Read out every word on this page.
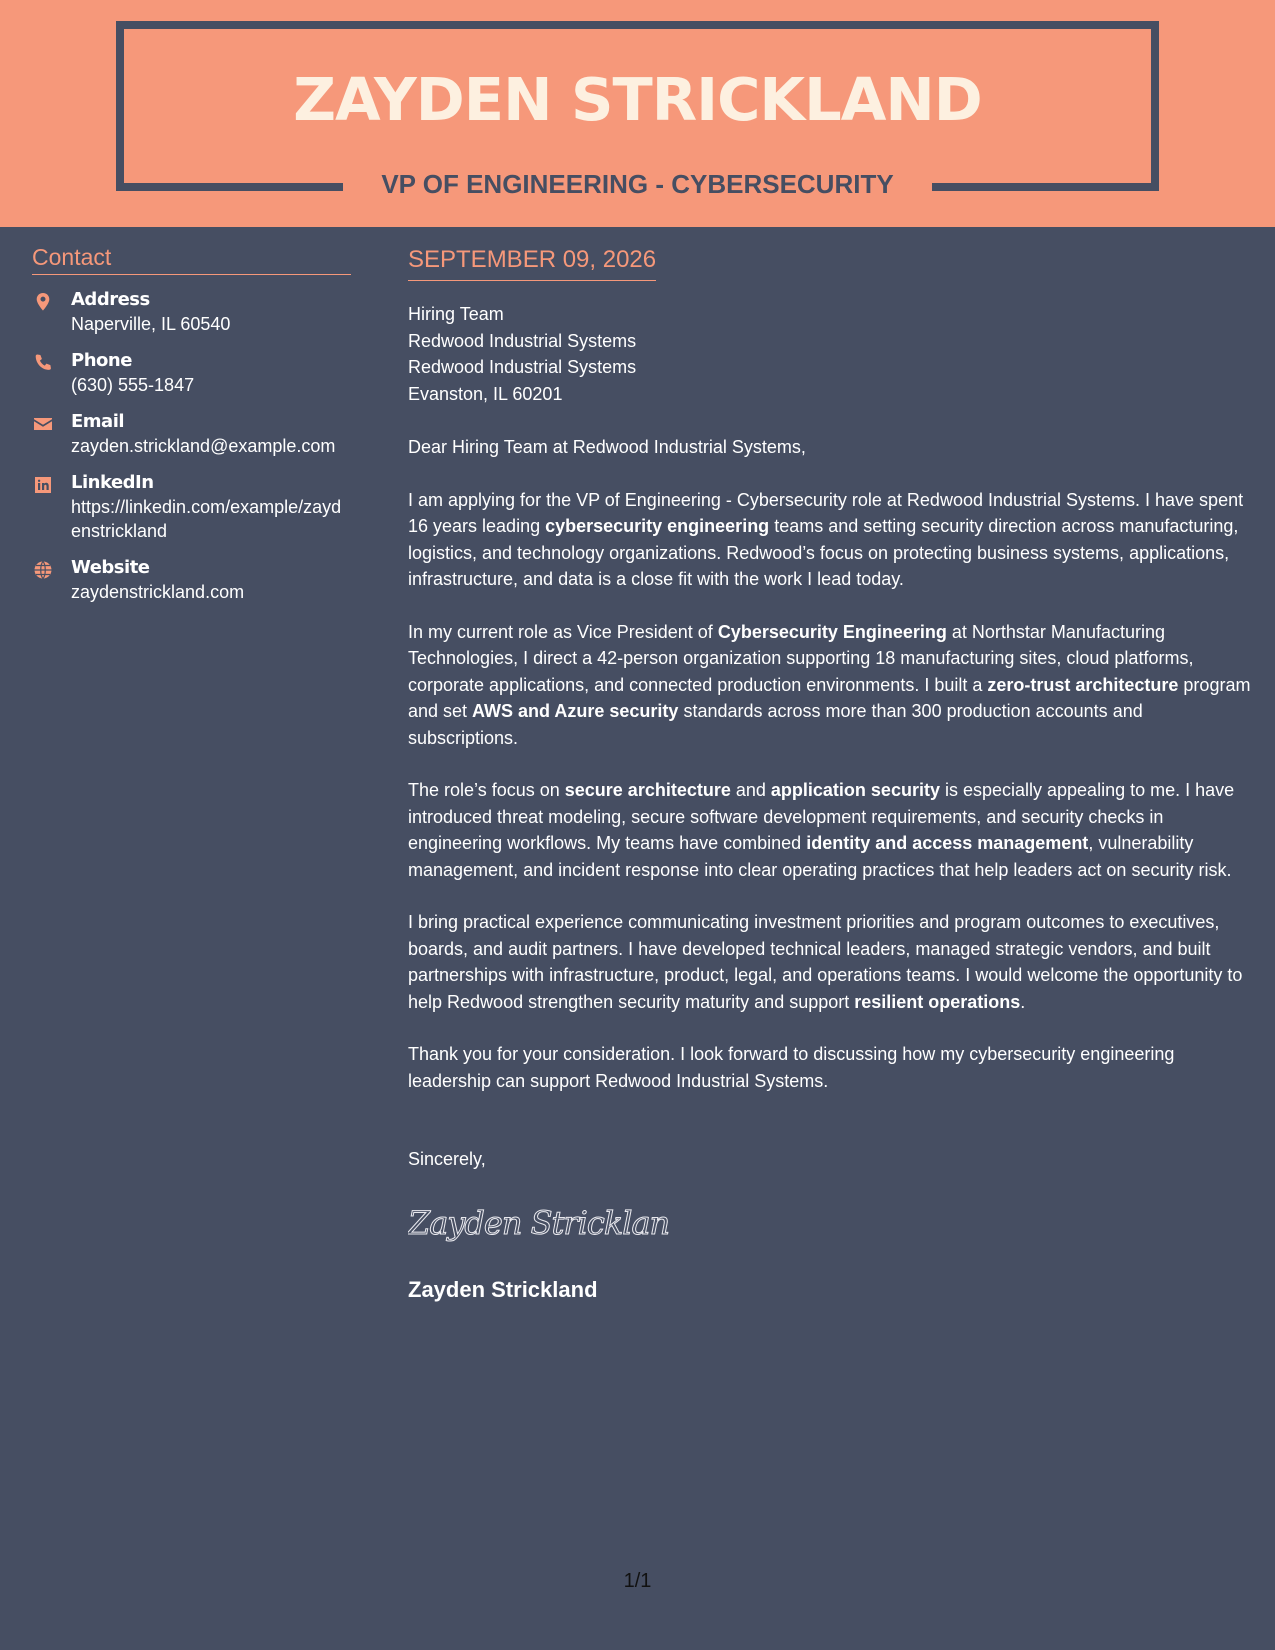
ZAYDEN STRICKLAND
VP OF ENGINEERING - CYBERSECURITY
Contact
Address
Naperville, IL 60540
Phone
(630) 555-1847
Email
zayden.strickland@example.com
LinkedIn
https://linkedin.com/example/zaydenstrickland
Website
zaydenstrickland.com
SEPTEMBER 09, 2026
Hiring Team
Redwood Industrial Systems
Redwood Industrial Systems
Evanston, IL 60201

Dear Hiring Team at Redwood Industrial Systems,

I am applying for the VP of Engineering - Cybersecurity role at Redwood Industrial Systems. I have spent 16 years leading cybersecurity engineering teams and setting security direction across manufacturing, logistics, and technology organizations. Redwood’s focus on protecting business systems, applications, infrastructure, and data is a close fit with the work I lead today.

In my current role as Vice President of Cybersecurity Engineering at Northstar Manufacturing Technologies, I direct a 42-person organization supporting 18 manufacturing sites, cloud platforms, corporate applications, and connected production environments. I built a zero-trust architecture program and set AWS and Azure security standards across more than 300 production accounts and subscriptions.

The role’s focus on secure architecture and application security is especially appealing to me. I have introduced threat modeling, secure software development requirements, and security checks in engineering workflows. My teams have combined identity and access management, vulnerability management, and incident response into clear operating practices that help leaders act on security risk.

I bring practical experience communicating investment priorities and program outcomes to executives, boards, and audit partners. I have developed technical leaders, managed strategic vendors, and built partnerships with infrastructure, product, legal, and operations teams. I would welcome the opportunity to help Redwood strengthen security maturity and support resilient operations.

Thank you for your consideration. I look forward to discussing how my cybersecurity engineering leadership can support Redwood Industrial Systems.

Sincerely,
Zayden Stricklan
Zayden Strickland
1/1
